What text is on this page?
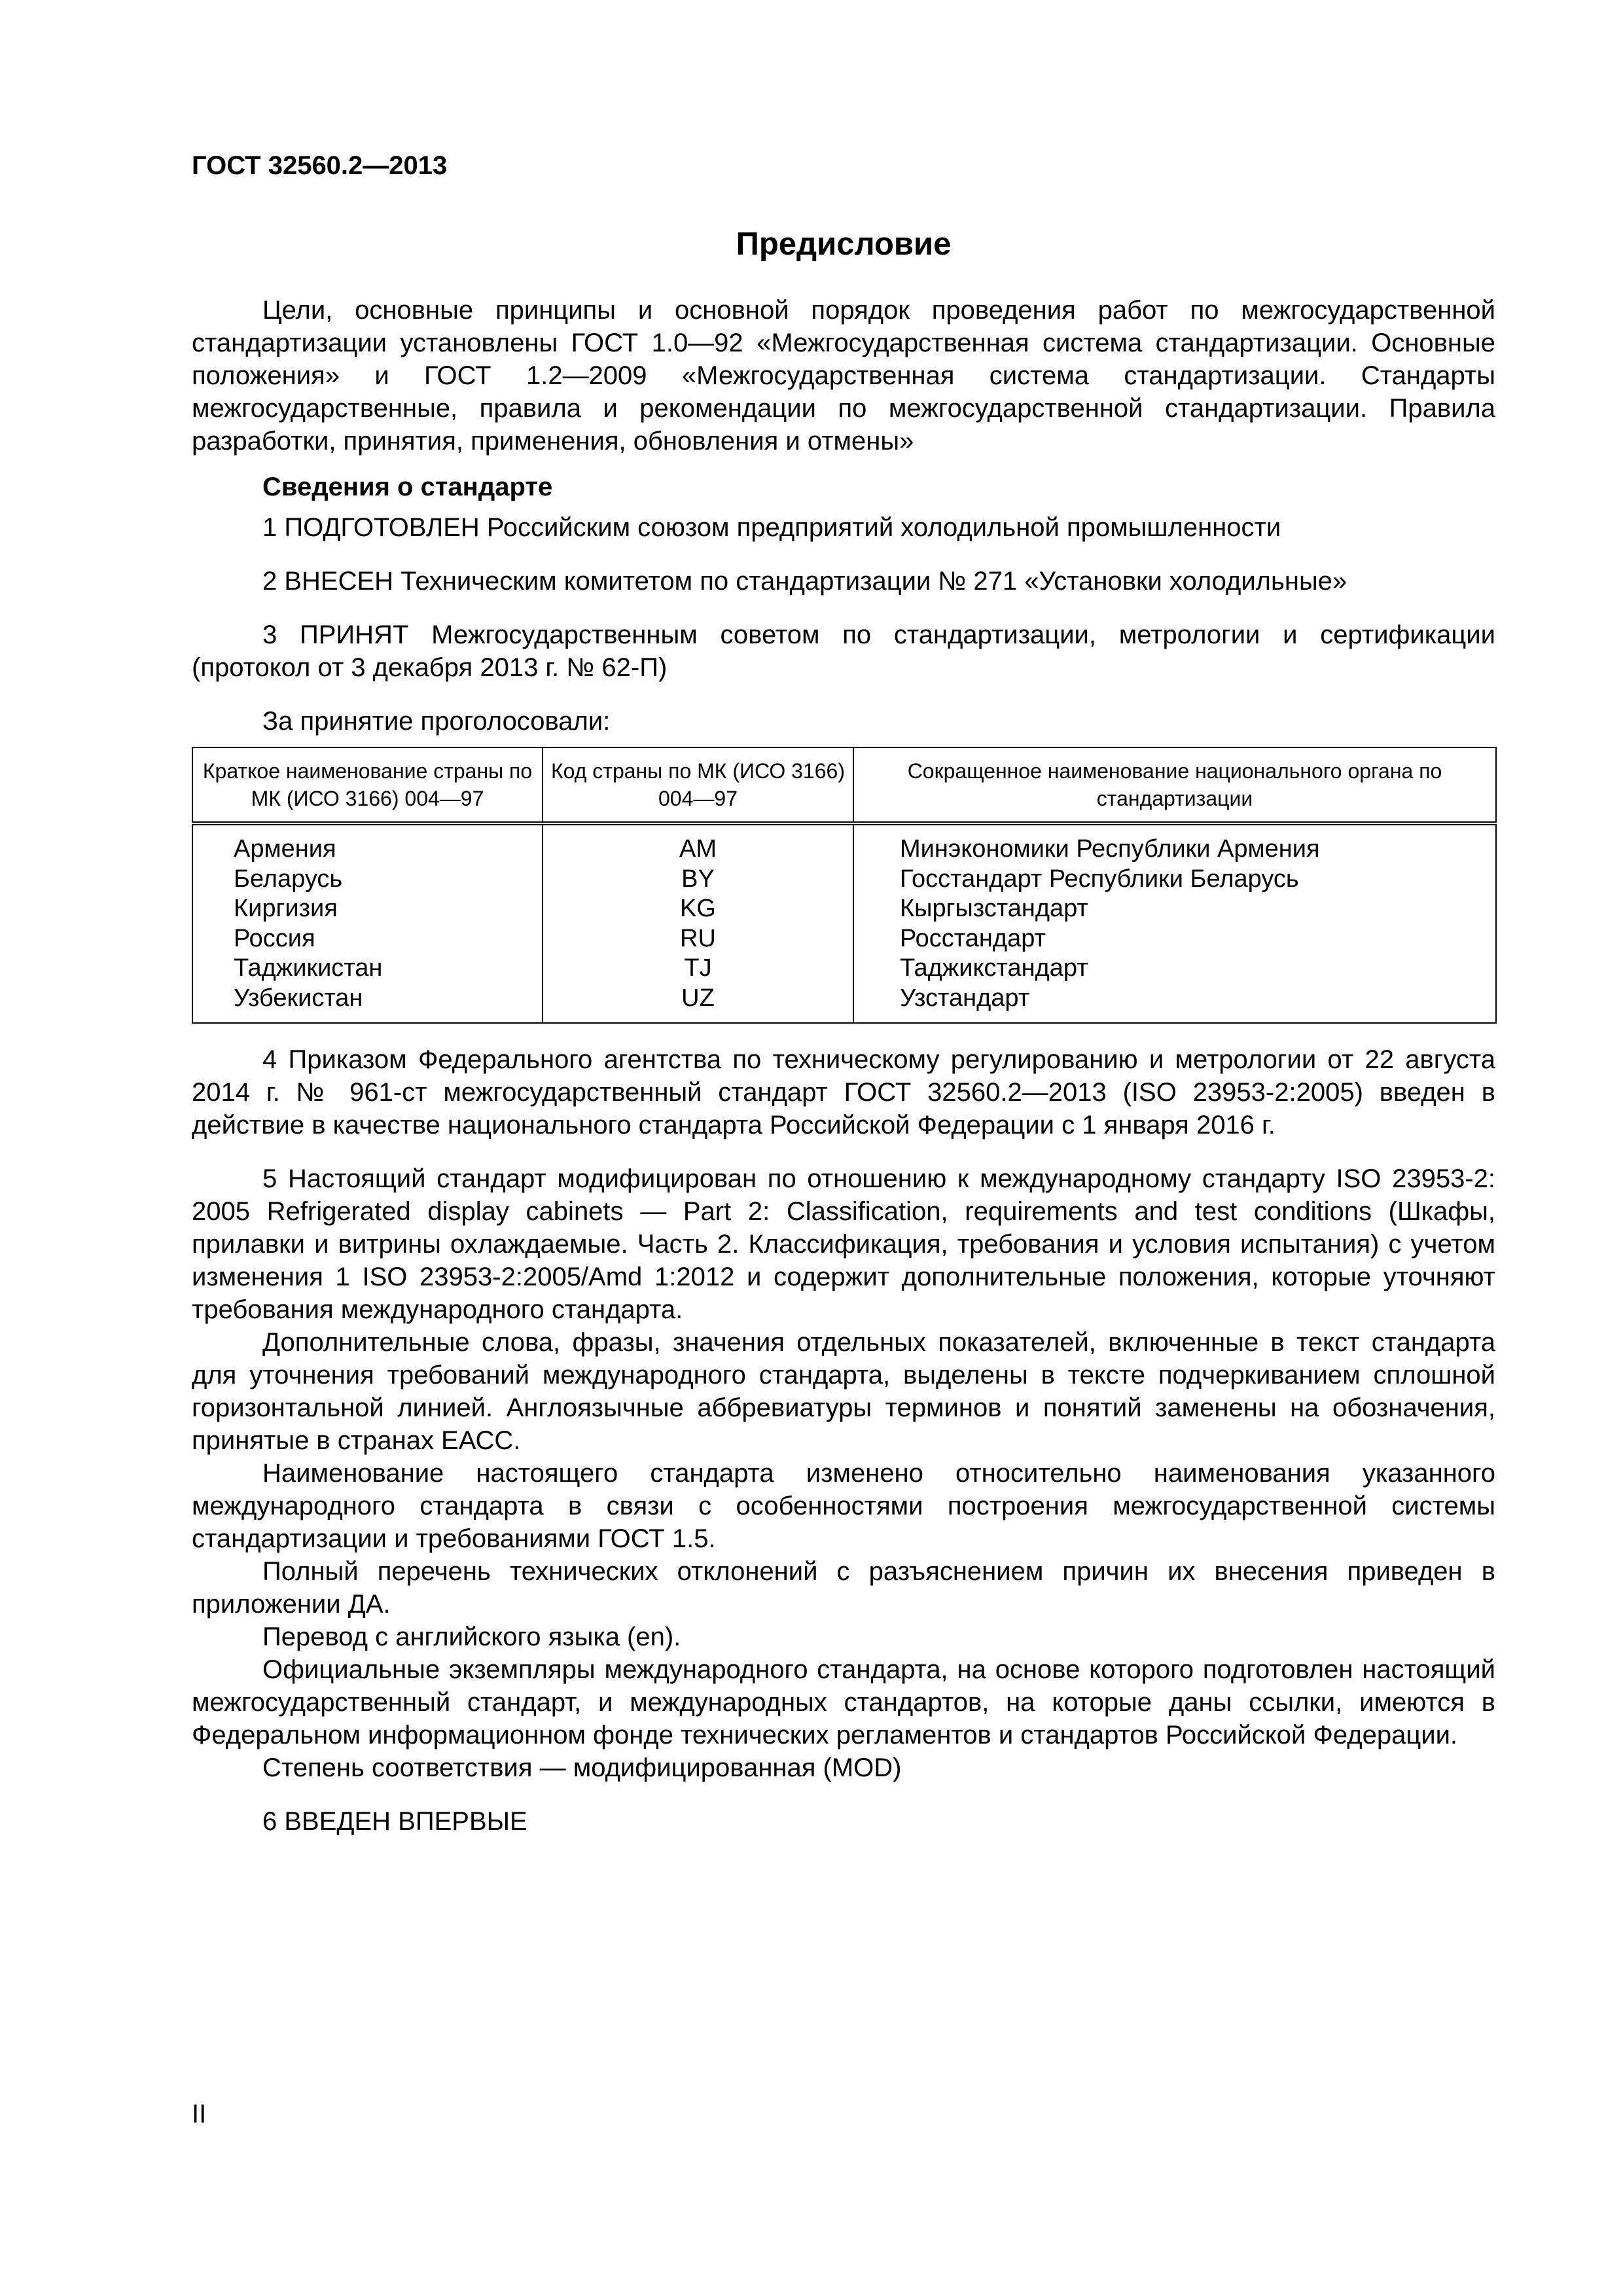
ГОСТ 32560.2—2013
Предисловие

Цели, основные принципы и основной порядок проведения работ по межгосударственной стандартизации установлены ГОСТ 1.0—92 «Межгосударственная система стандартизации. Основные положения» и ГОСТ 1.2—2009 «Межгосударственная система стандартизации. Стандарты межгосударственные, правила и рекомендации по межгосударственной стандартизации. Правила разработки, принятия, применения, обновления и отмены»

Сведения о стандарте

1 ПОДГОТОВЛЕН Российским союзом предприятий холодильной промышленности

2 ВНЕСЕН Техническим комитетом по стандартизации № 271 «Установки холодильные»

3 ПРИНЯТ Межгосударственным советом по стандартизации, метрологии и сертификации (протокол от 3 декабря 2013 г. № 62-П)

За принятие проголосовали:

Краткое наименование страны по МК (ИСО 3166) 004—97	Код страны по МК (ИСО 3166) 004—97	Сокращенное наименование национального органа по стандартизации
Армения	AM	Минэкономики Республики Армения
Беларусь	BY	Госстандарт Республики Беларусь
Киргизия	KG	Кыргызстандарт
Россия	RU	Росстандарт
Таджикистан	TJ	Таджикстандарт
Узбекистан	UZ	Узстандарт

4 Приказом Федерального агентства по техническому регулированию и метрологии от 22 августа 2014 г. № 961-ст межгосударственный стандарт ГОСТ 32560.2—2013 (ISO 23953-2:2005) введен в действие в качестве национального стандарта Российской Федерации с 1 января 2016 г.

5 Настоящий стандарт модифицирован по отношению к международному стандарту ISO 23953-2: 2005 Refrigerated display cabinets — Part 2: Classification, requirements and test conditions (Шкафы, прилавки и витрины охлаждаемые. Часть 2. Классификация, требования и условия испытания) с учетом изменения 1 ISO 23953-2:2005/Amd 1:2012 и содержит дополнительные положения, которые уточняют требования международного стандарта.

Дополнительные слова, фразы, значения отдельных показателей, включенные в текст стандарта для уточнения требований международного стандарта, выделены в тексте подчеркиванием сплошной горизонтальной линией. Англоязычные аббревиатуры терминов и понятий заменены на обозначения, принятые в странах ЕАСС.

Наименование настоящего стандарта изменено относительно наименования указанного международного стандарта в связи с особенностями построения межгосударственной системы стандартизации и требованиями ГОСТ 1.5.

Полный перечень технических отклонений с разъяснением причин их внесения приведен в приложении ДА.

Перевод с английского языка (en).

Официальные экземпляры международного стандарта, на основе которого подготовлен настоящий межгосударственный стандарт, и международных стандартов, на которые даны ссылки, имеются в Федеральном информационном фонде технических регламентов и стандартов Российской Федерации.

Степень соответствия — модифицированная (MOD)

6 ВВЕДЕН ВПЕРВЫЕ

II
